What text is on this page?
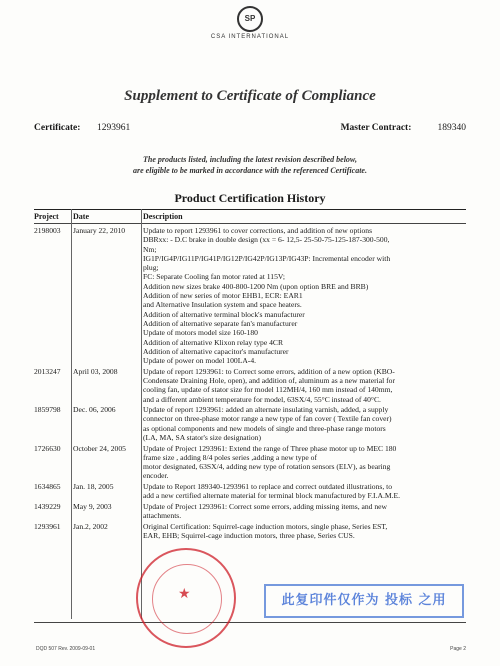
SP
CSA INTERNATIONAL
Supplement to Certificate of Compliance
Certificate: 1293961	Master Contract:	189340
The products listed, including the latest revision described below,
are eligible to be marked in accordance with the referenced Certificate.
Product Certification History
Project Date	Description
2198003 January 22, 2010 Update to report 1293961 to cover corrections, and addition of new options
DBRxx: - D.C brake in double design (xx = 6- 12,5- 25-50-75-125-187-300-500,
Nm;
IG1P/IG4P/IG11P/IG41P/IG12P/IG42P/IG13P/IG43P: Incremental encoder with
plug;
FC: Separate Cooling fan motor rated at 115V;
Addition new sizes brake 400-800-1200 Nm (upon option BRE and BRB)
Addition of new series of motor EHB1, ECR: EAR1
and Alternative Insulation system and space heaters.
Addition of alternative terminal block's manufacturer
Addition of alternative separate fan's manufacturer
Update of motors model size 160-180
Addition of alternative Klixon relay type 4CR
Addition of alternative capacitor's manufacturer
Update of power on model 100LA-4.
2013247 April 03, 2008	Update of report 1293961: to Correct some errors, addition of a new option (KBO-
Condensate Draining Hole, open), and addition of, aluminum as a new material for
cooling fan, update of stator size for model 112MH/4, 160 mm instead of 140mm,
and a different ambient temperature for model, 63SX/4, 55°C instead of 40°C.
1859798 Dec. 06, 2006	Update of report 1293961: added an alternate insulating varnish, added, a supply
connector on three-phase motor range a new type of fan cover ( Textile fan cover)
as optional components and new models of single and three-phase range motors
(LA, MA, SA stator's size designation)
1726630 October 24, 2005 Update of Project 1293961: Extend the range of Three phase motor up to MEC 180
frame size , adding 8/4 poles series ,adding a new type of
motor designated, 63SX/4, adding new type of rotation sensors (ELV), as bearing
encoder.
1634865 Jan. 18, 2005	Update to Report 189340-1293961 to replace and correct outdated illustrations, to
add a new certified alternate material for terminal block manufactured by F.I.A.M.E.
1439229 May 9, 2003	Update of Project 1293961: Correct some errors, adding missing items, and new
attachments.
1293961 Jan.2, 2002	Original Certification: Squirrel-cage induction motors, single phase, Series EST,
EAR, EHB; Squirrel-cage induction motors, three phase, Series CUS.
★	此复印件仅作为 投标 之用
DQD 507 Rev. 2009-09-01	Page 2
